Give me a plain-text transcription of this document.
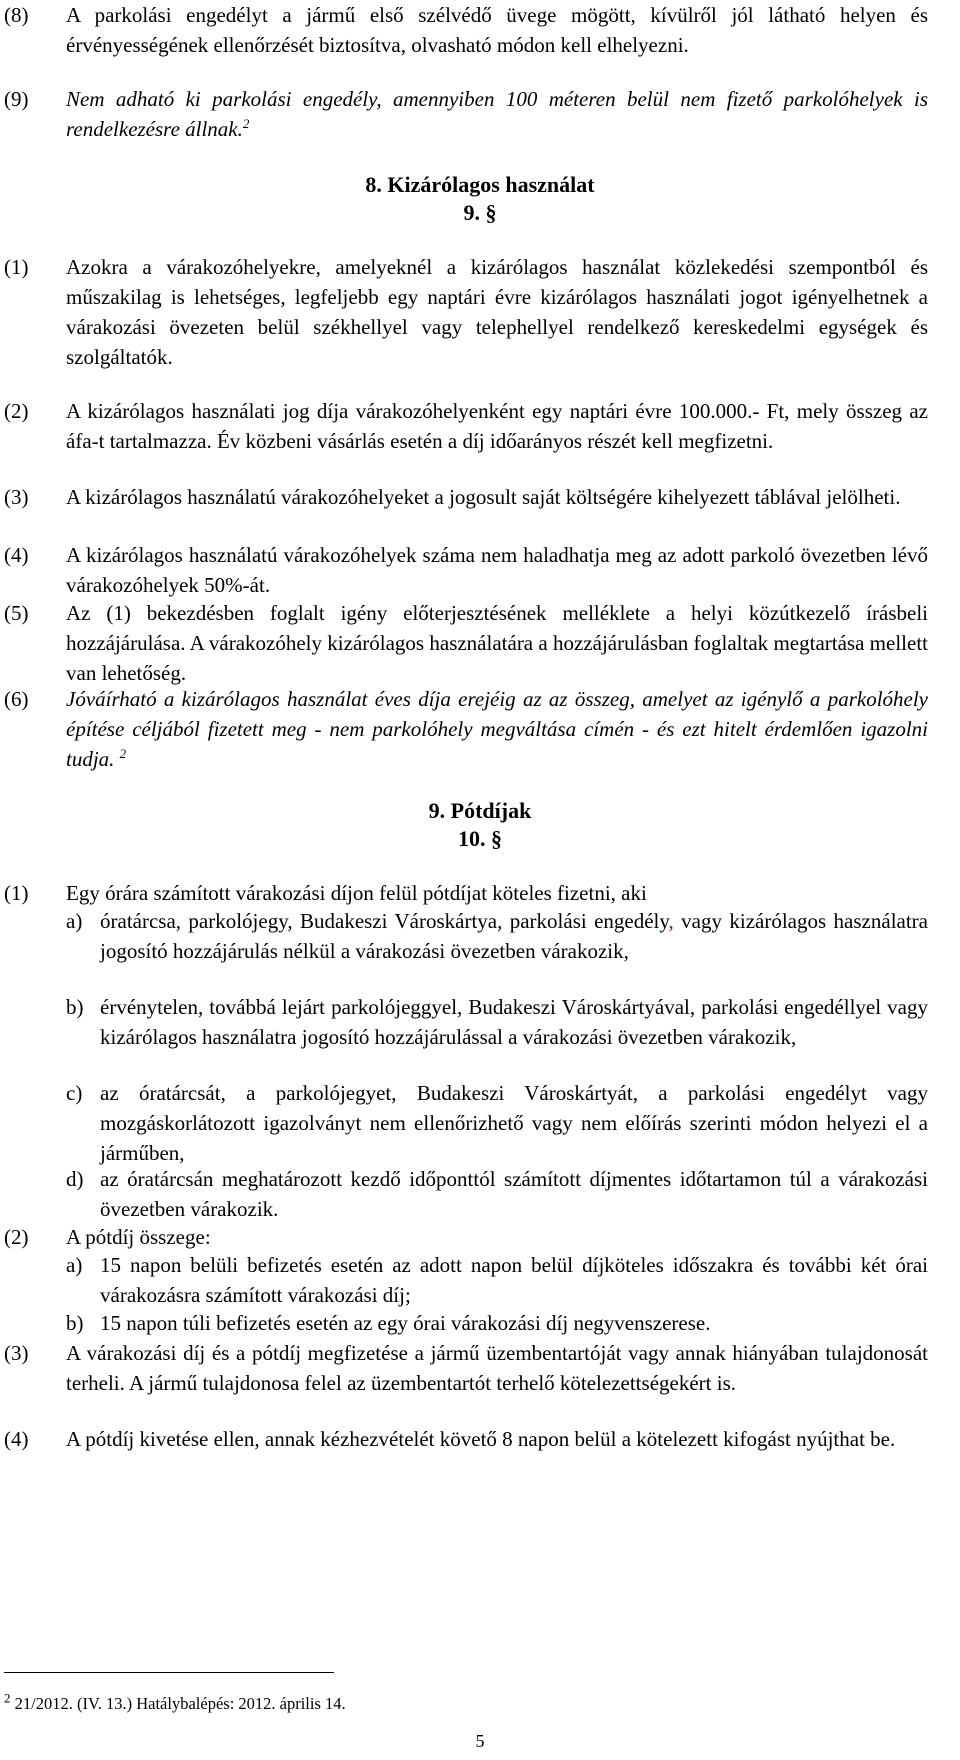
(8) A parkolási engedélyt a jármű első szélvédő üvege mögött, kívülről jól látható helyen és érvényességének ellenőrzését biztosítva, olvasható módon kell elhelyezni.
(9) Nem adható ki parkolási engedély, amennyiben 100 méteren belül nem fizető parkolóhelyek is rendelkezésre állnak.$^2$
8. Kizárólagos használat
9. §
(1) Azokra a várakozóhelyekre, amelyeknél a kizárólagos használat közlekedési szempontból és műszakilag is lehetséges, legfeljebb egy naptári évre kizárólagos használati jogot igényelhetnek a várakozási övezeten belül székhellyel vagy telephellyel rendelkező kereskedelmi egységek és szolgáltatók.
(2) A kizárólagos használati jog díja várakozóhelyenként egy naptári évre 100.000.- Ft, mely összeg az áfa-t tartalmazza. Év közbeni vásárlás esetén a díj időarányos részét kell megfizetni.
(3) A kizárólagos használatú várakozóhelyeket a jogosult saját költségére kihelyezett táblával jelölheti.
(4) A kizárólagos használatú várakozóhelyek száma nem haladhatja meg az adott parkoló övezetben lévő várakozóhelyek 50%-át.
(5) Az (1) bekezdésben foglalt igény előterjesztésének melléklete a helyi közútkezelő írásbeli hozzájárulása. A várakozóhely kizárólagos használatára a hozzájárulásban foglaltak megtartása mellett van lehetőség.
(6) Jóváírható a kizárólagos használat éves díja erejéig az az összeg, amelyet az igénylő a parkolóhely építése céljából fizetett meg - nem parkolóhely megváltása címén - és ezt hitelt érdemlően igazolni tudja. $^2$
9. Pótdíjak
10. §
(1) Egy órára számított várakozási díjon felül pótdíjat köteles fizetni, aki
a) óratárcsa, parkolójegy, Budakeszi Városkártya, parkolási engedély, vagy kizárólagos használatra jogosító hozzájárulás nélkül a várakozási övezetben várakozik,
b) érvénytelen, továbbá lejárt parkolójeggyel, Budakeszi Városkártyával, parkolási engedéllyel vagy kizárólagos használatra jogosító hozzájárulással a várakozási övezetben várakozik,
c) az óratárcsát, a parkolójegyet, Budakeszi Városkártyát, a parkolási engedélyt vagy mozgáskorlátozott igazolványt nem ellenőrizhető vagy nem előírás szerinti módon helyezi el a járműben,
d) az óratárcsán meghatározott kezdő időponttól számított díjmentes időtartamon túl a várakozási övezetben várakozik.
(2) A pótdíj összege:
a) 15 napon belüli befizetés esetén az adott napon belül díjköteles időszakra és további két órai várakozásra számított várakozási díj;
b) 15 napon túli befizetés esetén az egy órai várakozási díj negyvenszerese.
(3) A várakozási díj és a pótdíj megfizetése a jármű üzembentartóját vagy annak hiányában tulajdonosát terheli. A jármű tulajdonosa felel az üzembentartót terhelő kötelezettségekért is.
(4) A pótdíj kivetése ellen, annak kézhezvételét követő 8 napon belül a kötelezett kifogást nyújthat be.
$^2$ 21/2012. (IV. 13.) Hatálybalépés: 2012. április 14.
5
